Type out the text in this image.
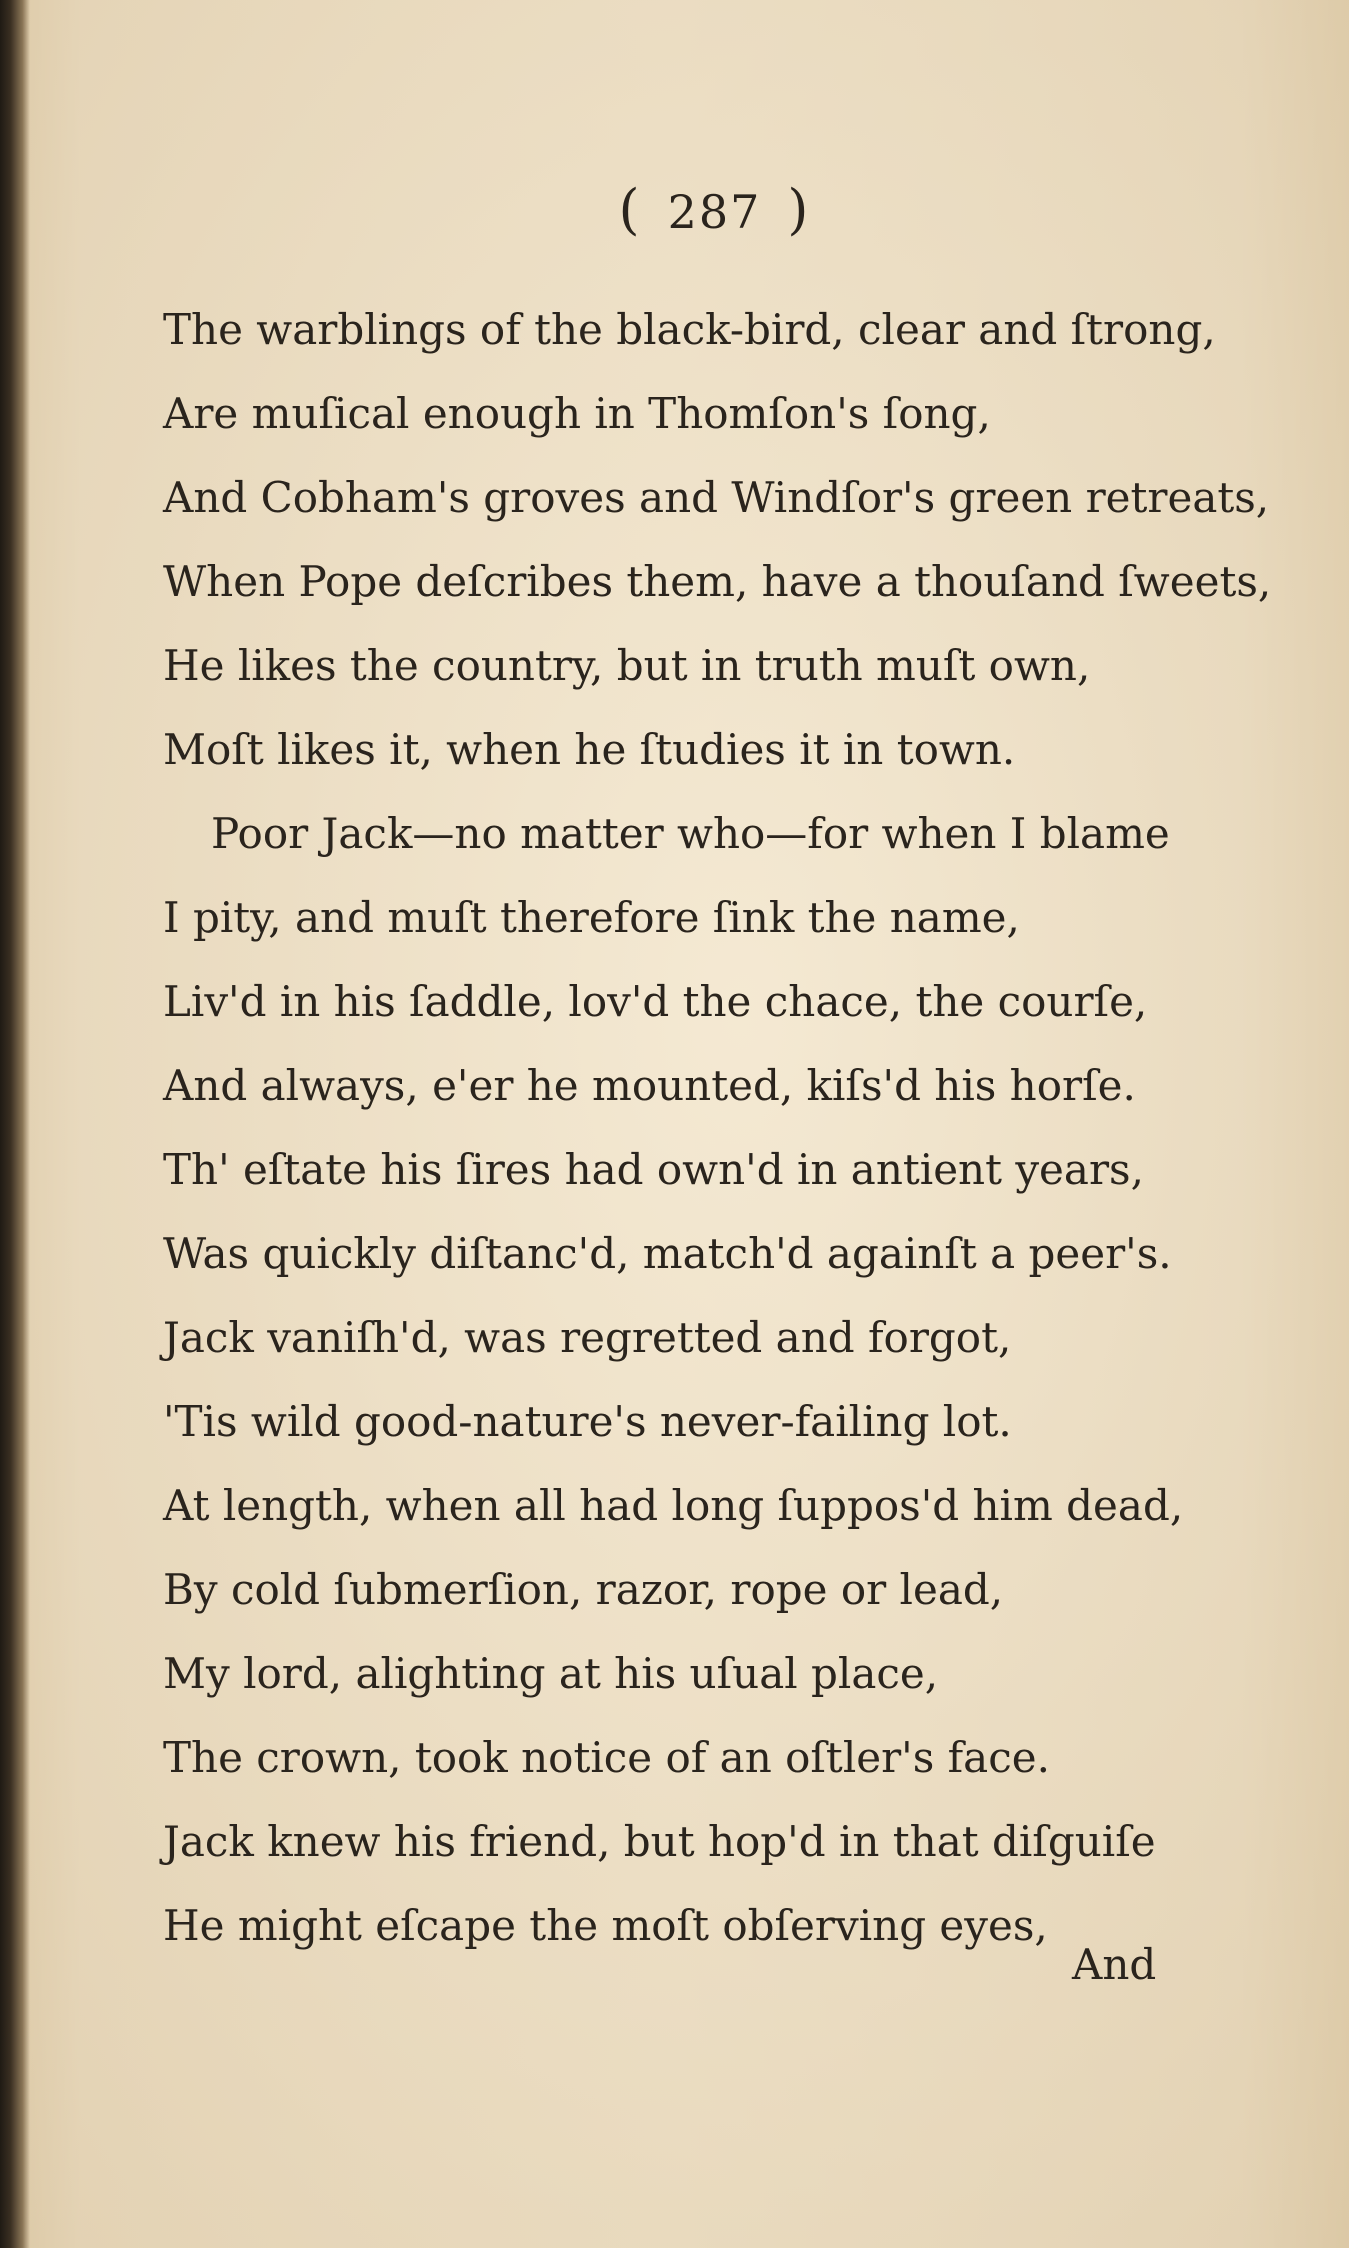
( 287 )
The warblings of the black-bird, clear and ſtrong,
Are muſical enough in Thomſon's ſong,
And Cobham's groves and Windſor's green retreats,
When Pope deſcribes them, have a thouſand ſweets,
He likes the country, but in truth muſt own,
Moſt likes it, when he ſtudies it in town.
Poor Jack—no matter who—for when I blame
I pity, and muſt therefore ſink the name,
Liv'd in his ſaddle, lov'd the chace, the courſe,
And always, e'er he mounted, kiſs'd his horſe.
Th' eſtate his ſires had own'd in antient years,
Was quickly diſtanc'd, match'd againſt a peer's.
Jack vaniſh'd, was regretted and forgot,
'Tis wild good-nature's never-failing lot.
At length, when all had long ſuppos'd him dead,
By cold ſubmerſion, razor, rope or lead,
My lord, alighting at his uſual place,
The crown, took notice of an oſtler's face.
Jack knew his friend, but hop'd in that diſguiſe
He might eſcape the moſt obſerving eyes,
And
